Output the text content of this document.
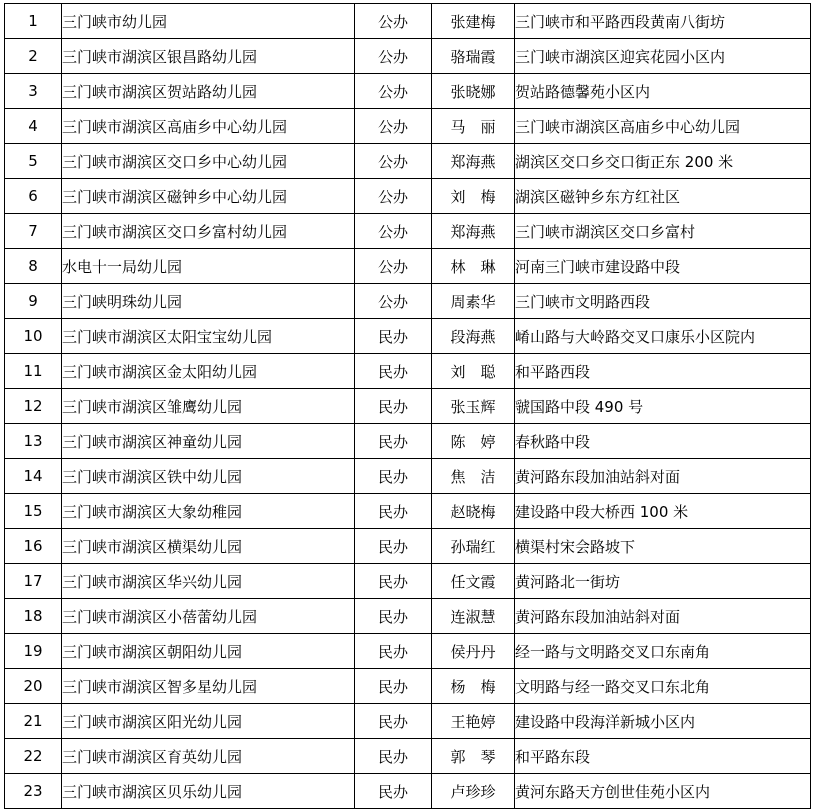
1	三门峡市幼儿园	公办	张建梅	三门峡市和平路西段黄南八街坊
2	三门峡市湖滨区银昌路幼儿园	公办	骆瑞霞	三门峡市湖滨区迎宾花园小区内
3	三门峡市湖滨区贺站路幼儿园	公办	张晓娜	贺站路德馨苑小区内
4	三门峡市湖滨区高庙乡中心幼儿园	公办	马　丽	三门峡市湖滨区高庙乡中心幼儿园
5	三门峡市湖滨区交口乡中心幼儿园	公办	郑海燕	湖滨区交口乡交口街正东 200 米
6	三门峡市湖滨区磁钟乡中心幼儿园	公办	刘　梅	湖滨区磁钟乡东方红社区
7	三门峡市湖滨区交口乡富村幼儿园	公办	郑海燕	三门峡市湖滨区交口乡富村
8	水电十一局幼儿园	公办	林　琳	河南三门峡市建设路中段
9	三门峡明珠幼儿园	公办	周素华	三门峡市文明路西段
10	三门峡市湖滨区太阳宝宝幼儿园	民办	段海燕	崤山路与大岭路交叉口康乐小区院内
11	三门峡市湖滨区金太阳幼儿园	民办	刘　聪	和平路西段
12	三门峡市湖滨区雏鹰幼儿园	民办	张玉辉	虢国路中段 490 号
13	三门峡市湖滨区神童幼儿园	民办	陈　婷	春秋路中段
14	三门峡市湖滨区铁中幼儿园	民办	焦　洁	黄河路东段加油站斜对面
15	三门峡市湖滨区大象幼稚园	民办	赵晓梅	建设路中段大桥西 100 米
16	三门峡市湖滨区横渠幼儿园	民办	孙瑞红	横渠村宋会路坡下
17	三门峡市湖滨区华兴幼儿园	民办	任文霞	黄河路北一街坊
18	三门峡市湖滨区小蓓蕾幼儿园	民办	连淑慧	黄河路东段加油站斜对面
19	三门峡市湖滨区朝阳幼儿园	民办	侯丹丹	经一路与文明路交叉口东南角
20	三门峡市湖滨区智多星幼儿园	民办	杨　梅	文明路与经一路交叉口东北角
21	三门峡市湖滨区阳光幼儿园	民办	王艳婷	建设路中段海洋新城小区内
22	三门峡市湖滨区育英幼儿园	民办	郭　琴	和平路东段
23	三门峡市湖滨区贝乐幼儿园	民办	卢珍珍	黄河东路天方创世佳苑小区内
